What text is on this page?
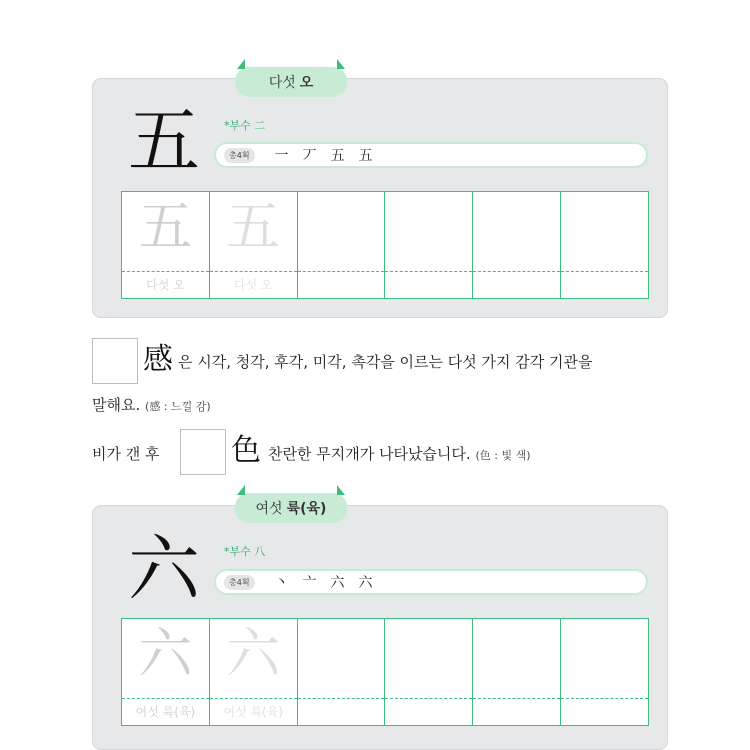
다섯 오
五 *부수 二
총4획	一 丆 五 五
五
다섯 오
五
다섯 오
感 은 시각, 청각, 후각, 미각, 촉각을 이르는 다섯 가지 감각 기관을
말해요. (感 : 느낄 감)
비가 갠 후 色 찬란한 무지개가 나타났습니다. (色 : 빛 색)
여섯 륙(육)
六 *부수 八
총4획	丶 亠 六 六
六
여섯 륙(육)
六
여섯 륙(육)
